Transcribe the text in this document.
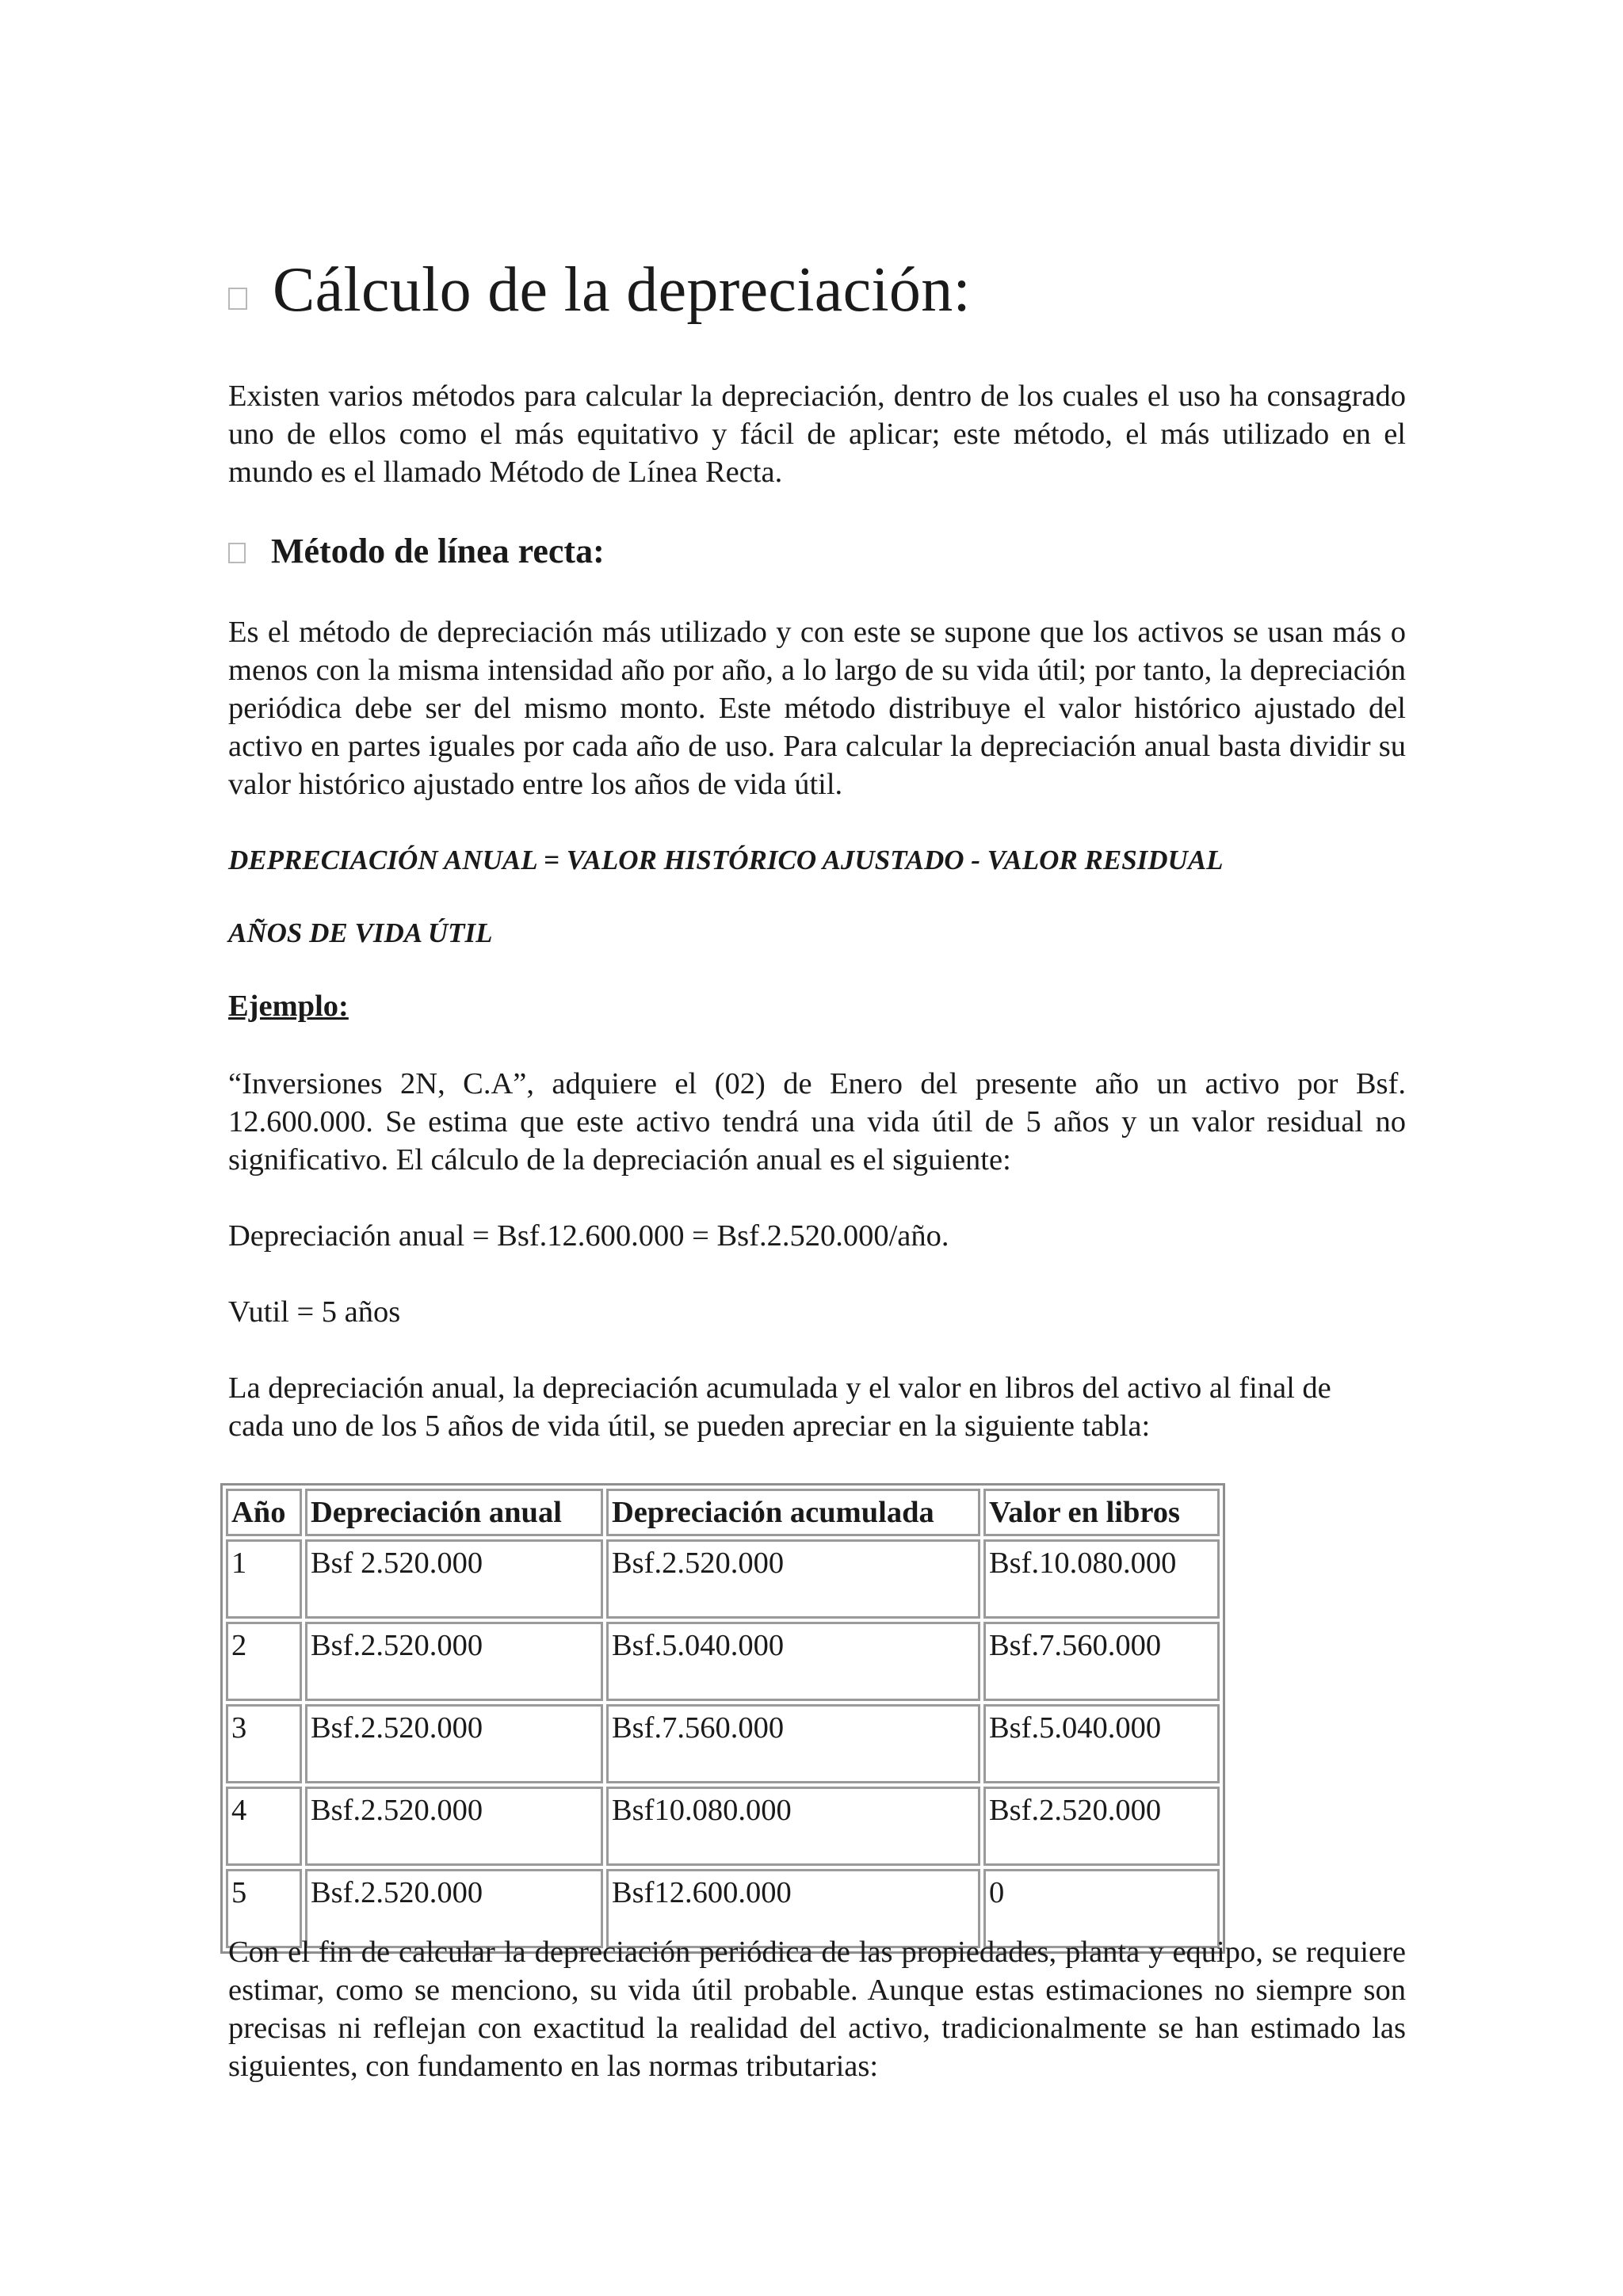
Cálculo de la depreciación:

Existen varios métodos para calcular la depreciación, dentro de los cuales el uso ha consagrado uno de ellos como el más equitativo y fácil de aplicar; este método, el más utilizado en el mundo es el llamado Método de Línea Recta.

Método de línea recta:

Es el método de depreciación más utilizado y con este se supone que los activos se usan más o menos con la misma intensidad año por año, a lo largo de su vida útil; por tanto, la depreciación periódica debe ser del mismo monto. Este método distribuye el valor histórico ajustado del activo en partes iguales por cada año de uso. Para calcular la depreciación anual basta dividir su valor histórico ajustado entre los años de vida útil.

DEPRECIACIÓN ANUAL = VALOR HISTÓRICO AJUSTADO - VALOR RESIDUAL

AÑOS DE VIDA ÚTIL

Ejemplo:

“Inversiones 2N, C.A”, adquiere el (02) de Enero del presente año un activo por Bsf. 12.600.000. Se estima que este activo tendrá una vida útil de 5 años y un valor residual no significativo. El cálculo de la depreciación anual es el siguiente:

Depreciación anual = Bsf.12.600.000 = Bsf.2.520.000/año.

Vutil = 5 años

La depreciación anual, la depreciación acumulada y el valor en libros del activo al final de cada uno de los 5 años de vida útil, se pueden apreciar en la siguiente tabla:

Año	Depreciación anual	Depreciación acumulada	Valor en libros
1	Bsf 2.520.000	Bsf.2.520.000	Bsf.10.080.000
2	Bsf.2.520.000	Bsf.5.040.000	Bsf.7.560.000
3	Bsf.2.520.000	Bsf.7.560.000	Bsf.5.040.000
4	Bsf.2.520.000	Bsf10.080.000	Bsf.2.520.000
5	Bsf.2.520.000	Bsf12.600.000	0

Con el fin de calcular la depreciación periódica de las propiedades, planta y equipo, se requiere estimar, como se menciono, su vida útil probable. Aunque estas estimaciones no siempre son precisas ni reflejan con exactitud la realidad del activo, tradicionalmente se han estimado las siguientes, con fundamento en las normas tributarias:
